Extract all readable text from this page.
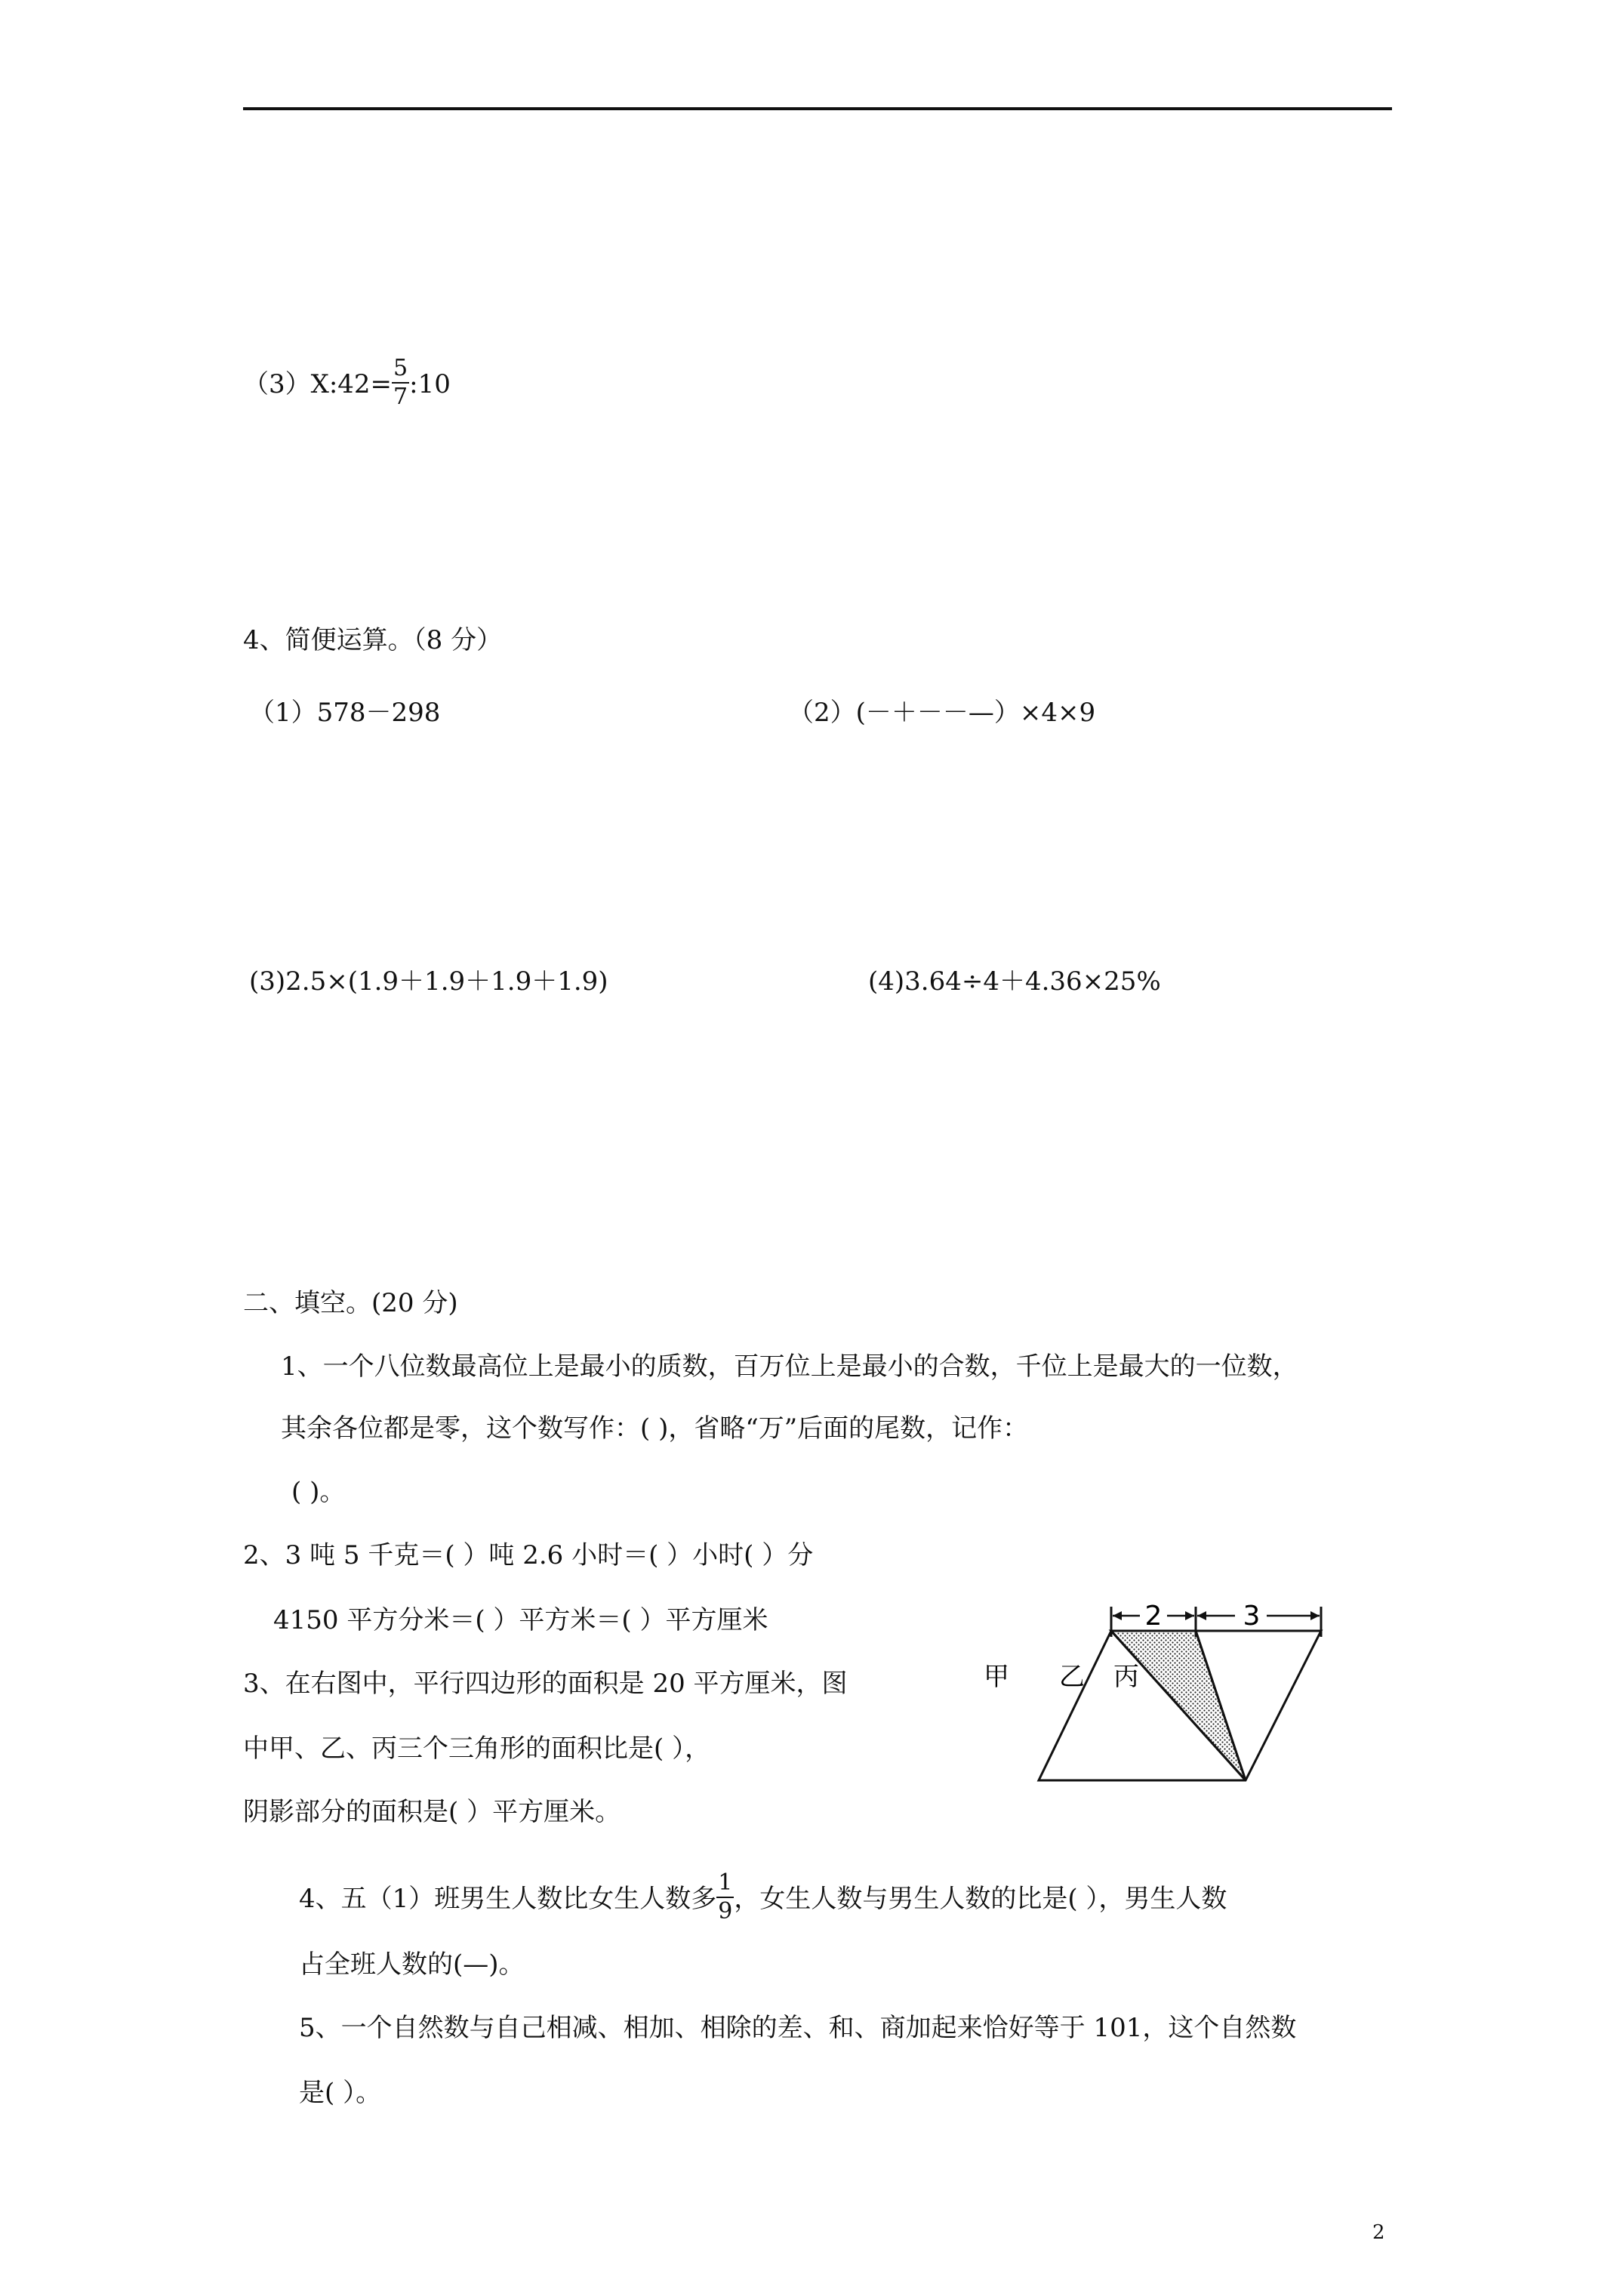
（3）X:42= $\frac{5}{7}$ :10
4、简便运算。（8 分）
（1）578－298	（2）(－＋－－—）×4×9
(3)2.5×(1.9＋1.9＋1.9＋1.9)	(4)3.64÷4＋4.36×25%
二、填空。(20 分)
1、一个八位数最高位上是最小的质数，百万位上是最小的合数，千位上是最大的一位数，
其余各位都是零，这个数写作：( )，省略“万”后面的尾数，记作：
( )。
2、3 吨 5 千克＝( ）吨 2.6 小时＝( ）小时( ）分
4150 平方分米＝( ）平方米＝( ）平方厘米
3、在右图中，平行四边形的面积是 20 平方厘米，图
中甲、乙、丙三个三角形的面积比是( ），
阴影部分的面积是( ）平方厘米。
4、五（1）班男生人数比女生人数多 $\frac{1}{9}$ ，女生人数与男生人数的比是( ），男生人数
占全班人数的(—)。
5、一个自然数与自己相减、相加、相除的差、和、商加起来恰好等于 101，这个自然数
是( ）。
2	3
甲 乙 丙
2
